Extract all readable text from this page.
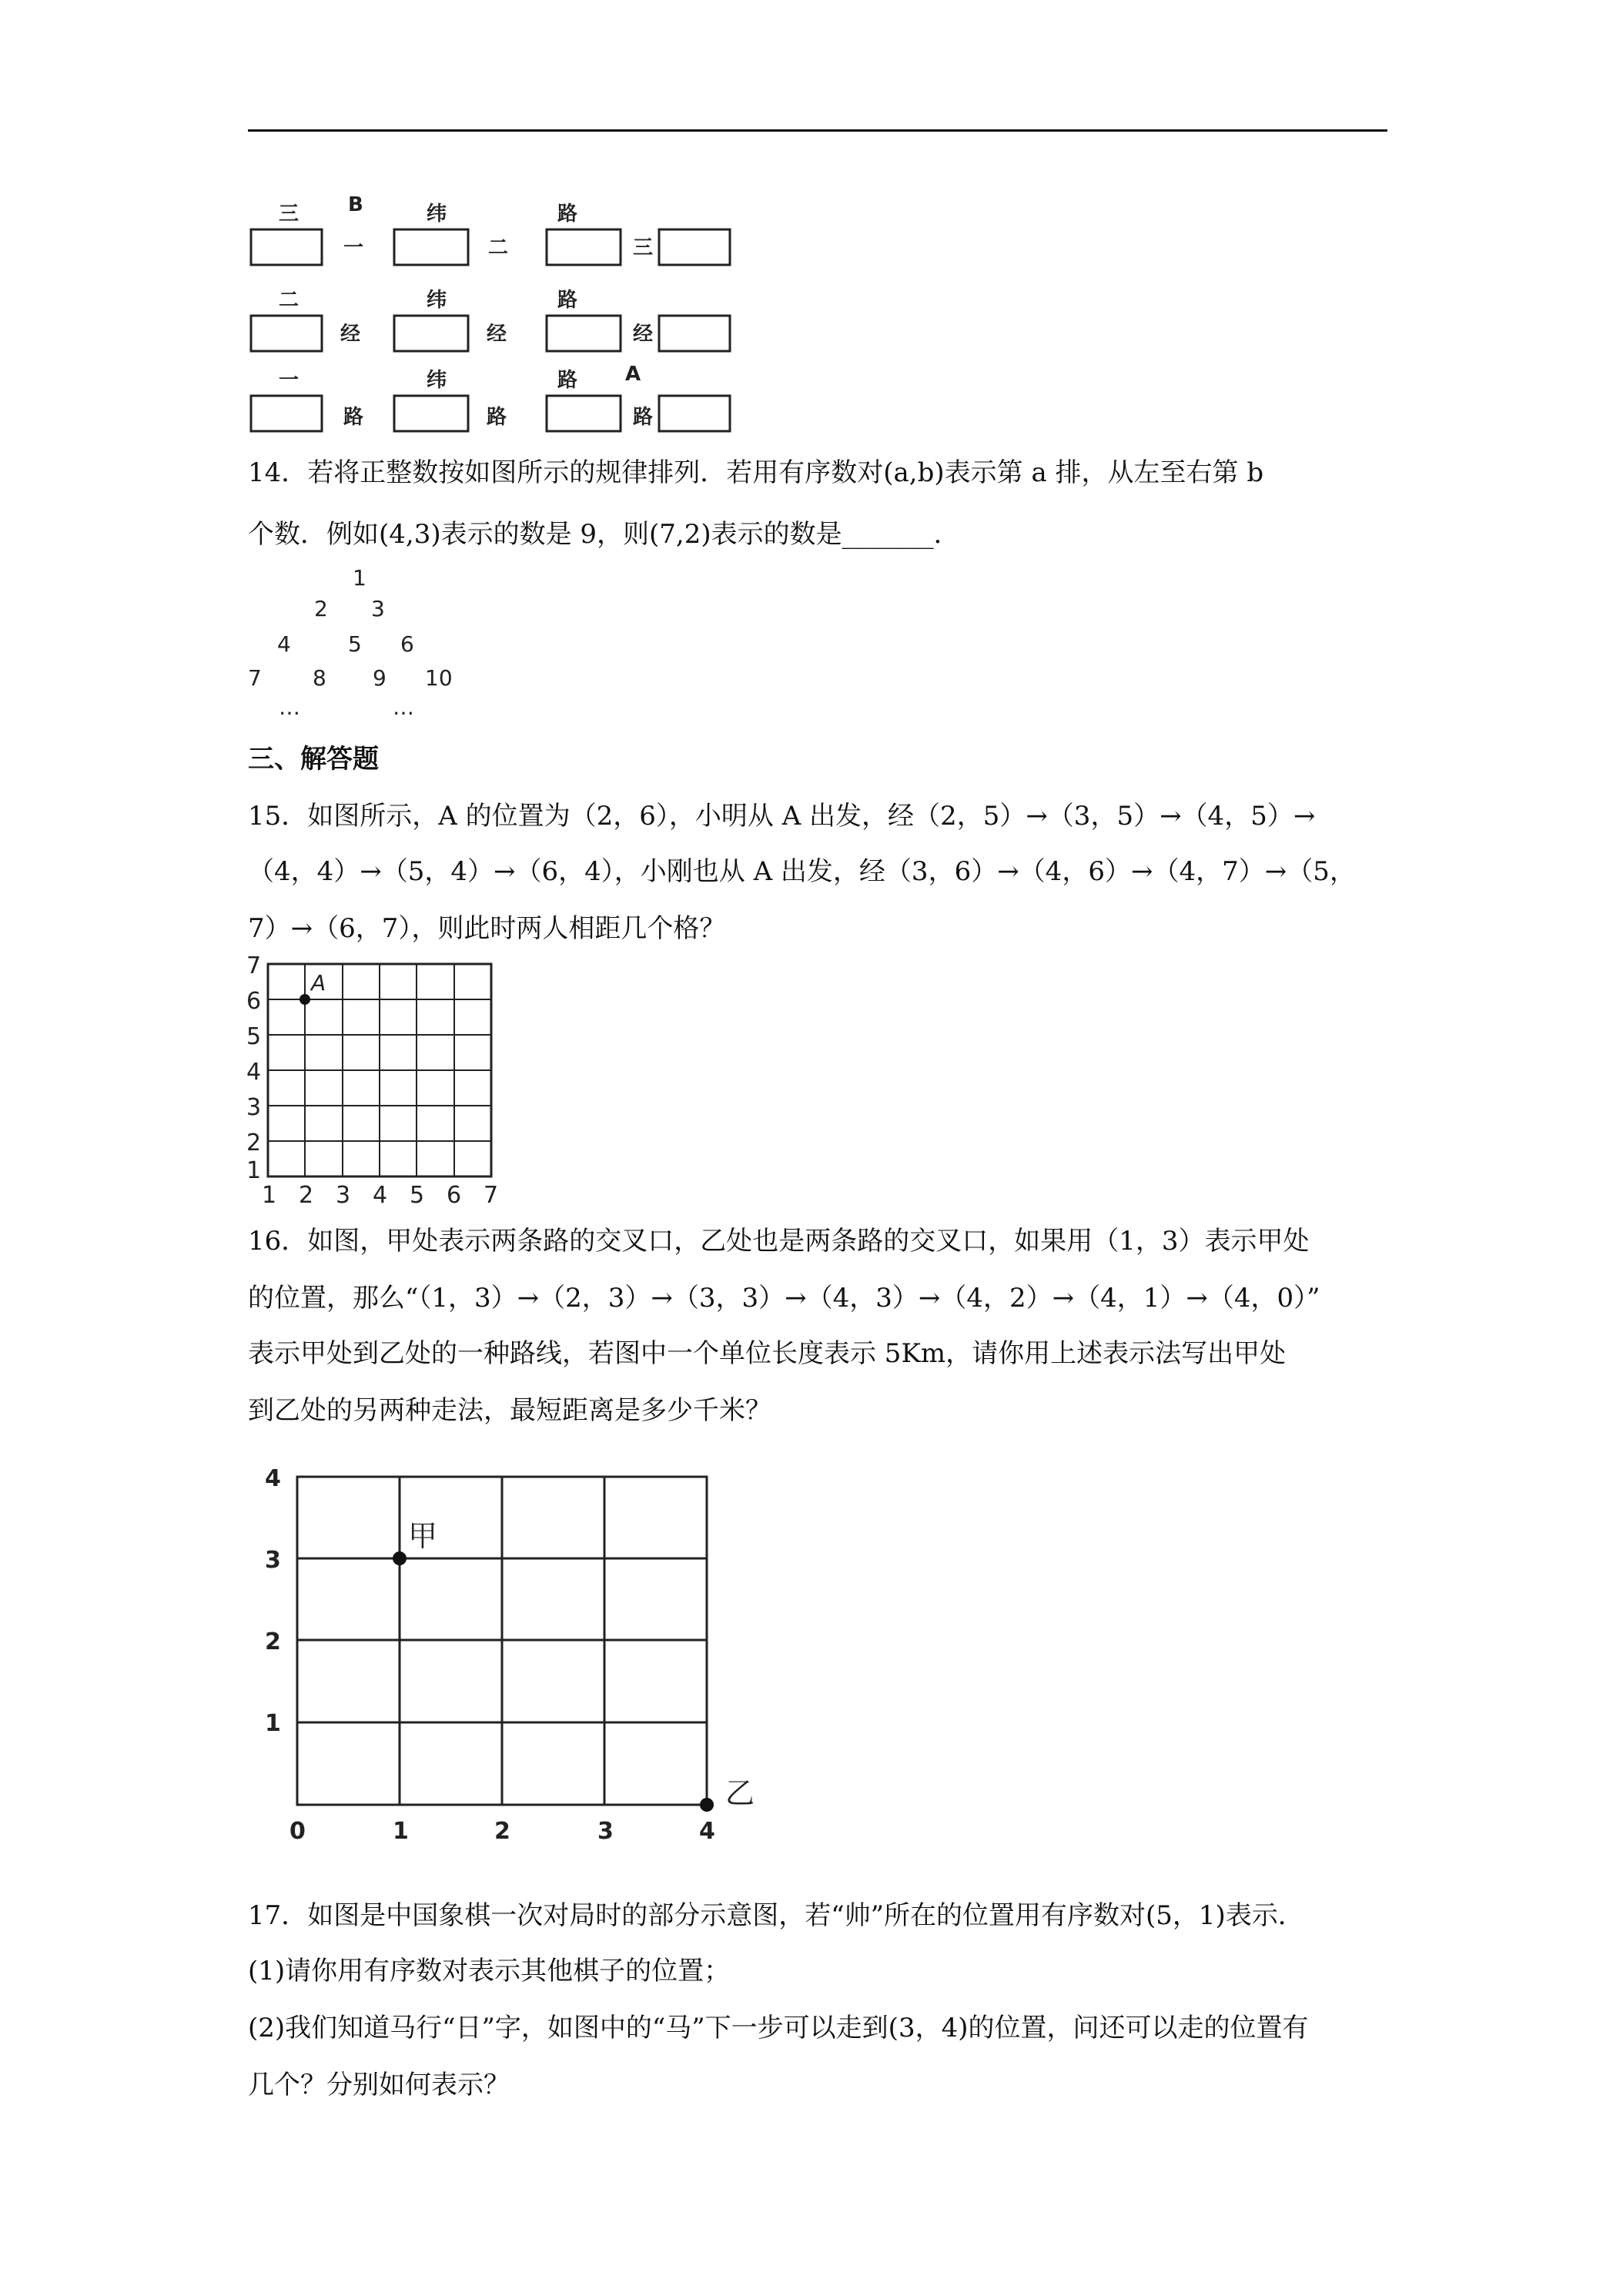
三 B	纬	路
一	二	三
二	纬	路
经	经	经
一	纬	路 A
路	路	路
14．若将正整数按如图所示的规律排列．若用有序数对(a,b)表示第 a 排，从左至右第 b
个数．例如(4,3)表示的数是 9，则(7,2)表示的数是_______．
1
2 3
4	5 6
7 8 9 10
…	…
三、解答题
15．如图所示，A 的位置为（2，6），小明从 A 出发，经（2，5）→（3，5）→（4，5）→
（4，4）→（5，4）→（6，4），小刚也从 A 出发，经（3，6）→（4，6）→（4，7）→（5，
7）→（6，7），则此时两人相距几个格？
A
7
6
5
4
3
2
1
1 2 3 4 5 6 7
16．如图，甲处表示两条路的交叉口，乙处也是两条路的交叉口，如果用（1，3）表示甲处
的位置，那么“（1，3）→（2，3）→（3，3）→（4，3）→（4，2）→（4，1）→（4，0）”
表示甲处到乙处的一种路线，若图中一个单位长度表示 5Km，请你用上述表示法写出甲处
到乙处的另两种走法，最短距离是多少千米？
4
3
2
1
0	1	2	3	4
甲
乙
17．如图是中国象棋一次对局时的部分示意图，若“帅”所在的位置用有序数对(5，1)表示．
(1)请你用有序数对表示其他棋子的位置；
(2)我们知道马行“日”字，如图中的“马”下一步可以走到(3，4)的位置，问还可以走的位置有
几个？分别如何表示？
